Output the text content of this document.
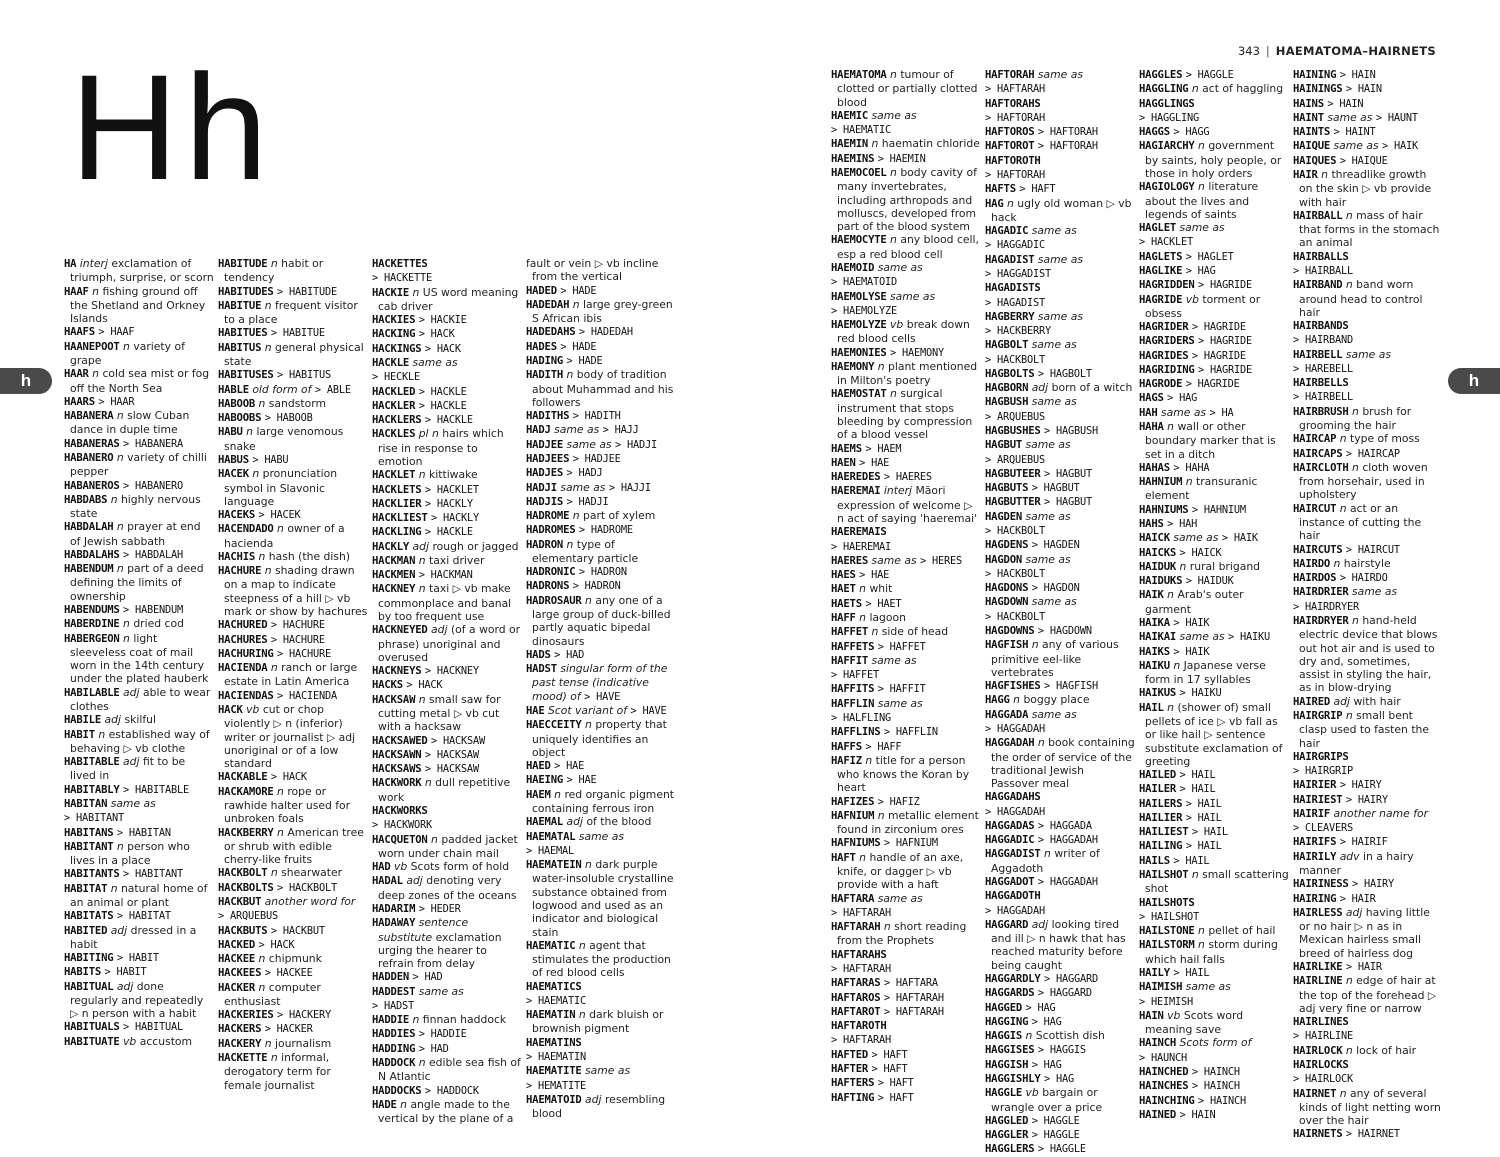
Hh	343 | HAEMATOMA–HAIRNETS
h	h
HA interj exclamation of triumph, surprise, or scorn
HAAF n fishing ground off the Shetland and Orkney Islands
HAAFS > HAAF
HAANEPOOT n variety of grape
HAAR n cold sea mist or fog off the North Sea
HAARS > HAAR
HABANERA n slow Cuban dance in duple time
HABANERAS > HABANERA
HABANERO n variety of chilli pepper
HABANEROS > HABANERO
HABDABS n highly nervous state
HABDALAH n prayer at end of Jewish sabbath
HABDALAHS > HABDALAH
HABENDUM n part of a deed defining the limits of ownership
HABENDUMS > HABENDUM
HABERDINE n dried cod
HABERGEON n light sleeveless coat of mail worn in the 14th century under the plated hauberk
HABILABLE adj able to wear clothes
HABILE adj skilful
HABIT n established way of behaving ▷ vb clothe
HABITABLE adj fit to be lived in
HABITABLY > HABITABLE
HABITAN same as
> HABITANT
HABITANS > HABITAN
HABITANT n person who lives in a place
HABITANTS > HABITANT
HABITAT n natural home of an animal or plant
HABITATS > HABITAT
HABITED adj dressed in a habit
HABITING > HABIT
HABITS > HABIT
HABITUAL adj done regularly and repeatedly ▷ n person with a habit
HABITUALS > HABITUAL
HABITUATE vb accustom
HABITUDE n habit or tendency
HABITUDES > HABITUDE
HABITUE n frequent visitor to a place
HABITUES > HABITUE
HABITUS n general physical state
HABITUSES > HABITUS
HABLE old form of > ABLE
HABOOB n sandstorm
HABOOBS > HABOOB
HABU n large venomous snake
HABUS > HABU
HACEK n pronunciation symbol in Slavonic language
HACEKS > HACEK
HACENDADO n owner of a hacienda
HACHIS n hash (the dish)
HACHURE n shading drawn on a map to indicate steepness of a hill ▷ vb mark or show by hachures
HACHURED > HACHURE
HACHURES > HACHURE
HACHURING > HACHURE
HACIENDA n ranch or large estate in Latin America
HACIENDAS > HACIENDA
HACK vb cut or chop violently ▷ n (inferior) writer or journalist ▷ adj unoriginal or of a low standard
HACKABLE > HACK
HACKAMORE n rope or rawhide halter used for unbroken foals
HACKBERRY n American tree or shrub with edible cherry-like fruits
HACKBOLT n shearwater
HACKBOLTS > HACKBOLT
HACKBUT another word for
> ARQUEBUS
HACKBUTS > HACKBUT
HACKED > HACK
HACKEE n chipmunk
HACKEES > HACKEE
HACKER n computer enthusiast
HACKERIES > HACKERY
HACKERS > HACKER
HACKERY n journalism
HACKETTE n informal, derogatory term for female journalist
HACKETTES
> HACKETTE
HACKIE n US word meaning cab driver
HACKIES > HACKIE
HACKING > HACK
HACKINGS > HACK
HACKLE same as
> HECKLE
HACKLED > HACKLE
HACKLER > HACKLE
HACKLERS > HACKLE
HACKLES pl n hairs which rise in response to emotion
HACKLET n kittiwake
HACKLETS > HACKLET
HACKLIER > HACKLY
HACKLIEST > HACKLY
HACKLING > HACKLE
HACKLY adj rough or jagged
HACKMAN n taxi driver
HACKMEN > HACKMAN
HACKNEY n taxi ▷ vb make commonplace and banal by too frequent use
HACKNEYED adj (of a word or phrase) unoriginal and overused
HACKNEYS > HACKNEY
HACKS > HACK
HACKSAW n small saw for cutting metal ▷ vb cut with a hacksaw
HACKSAWED > HACKSAW
HACKSAWN > HACKSAW
HACKSAWS > HACKSAW
HACKWORK n dull repetitive work
HACKWORKS
> HACKWORK
HACQUETON n padded jacket worn under chain mail
HAD vb Scots form of hold
HADAL adj denoting very deep zones of the oceans
HADARIM > HEDER
HADAWAY sentence substitute exclamation urging the hearer to refrain from delay
HADDEN > HAD
HADDEST same as
> HADST
HADDIE n finnan haddock
HADDIES > HADDIE
HADDING > HAD
HADDOCK n edible sea fish of N Atlantic
HADDOCKS > HADDOCK
HADE n angle made to the vertical by the plane of a
fault or vein ▷ vb incline from the vertical
HADED > HADE
HADEDAH n large grey-green S African ibis
HADEDAHS > HADEDAH
HADES > HADE
HADING > HADE
HADITH n body of tradition about Muhammad and his followers
HADITHS > HADITH
HADJ same as > HAJJ
HADJEE same as > HADJI
HADJEES > HADJEE
HADJES > HADJ
HADJI same as > HAJJI
HADJIS > HADJI
HADROME n part of xylem
HADROMES > HADROME
HADRON n type of elementary particle
HADRONIC > HADRON
HADRONS > HADRON
HADROSAUR n any one of a large group of duck-billed partly aquatic bipedal dinosaurs
HADS > HAD
HADST singular form of the past tense (indicative mood) of > HAVE
HAE Scot variant of > HAVE
HAECCEITY n property that uniquely identifies an object
HAED > HAE
HAEING > HAE
HAEM n red organic pigment containing ferrous iron
HAEMAL adj of the blood
HAEMATAL same as
> HAEMAL
HAEMATEIN n dark purple water-insoluble crystalline substance obtained from logwood and used as an indicator and biological stain
HAEMATIC n agent that stimulates the production of red blood cells
HAEMATICS
> HAEMATIC
HAEMATIN n dark bluish or brownish pigment
HAEMATINS
> HAEMATIN
HAEMATITE same as
> HEMATITE
HAEMATOID adj resembling blood
HAEMATOMA n tumour of clotted or partially clotted blood
HAEMIC same as
> HAEMATIC
HAEMIN n haematin chloride
HAEMINS > HAEMIN
HAEMOCOEL n body cavity of many invertebrates, including arthropods and molluscs, developed from part of the blood system
HAEMOCYTE n any blood cell, esp a red blood cell
HAEMOID same as
> HAEMATOID
HAEMOLYSE same as
> HAEMOLYZE
HAEMOLYZE vb break down red blood cells
HAEMONIES > HAEMONY
HAEMONY n plant mentioned in Milton's poetry
HAEMOSTAT n surgical instrument that stops bleeding by compression of a blood vessel
HAEMS > HAEM
HAEN > HAE
HAEREDES > HAERES
HAEREMAI interj Māori expression of welcome ▷ n act of saying 'haeremai'
HAEREMAIS
> HAEREMAI
HAERES same as > HERES
HAES > HAE
HAET n whit
HAETS > HAET
HAFF n lagoon
HAFFET n side of head
HAFFETS > HAFFET
HAFFIT same as
> HAFFET
HAFFITS > HAFFIT
HAFFLIN same as
> HALFLING
HAFFLINS > HAFFLIN
HAFFS > HAFF
HAFIZ n title for a person who knows the Koran by heart
HAFIZES > HAFIZ
HAFNIUM n metallic element found in zirconium ores
HAFNIUMS > HAFNIUM
HAFT n handle of an axe, knife, or dagger ▷ vb provide with a haft
HAFTARA same as
> HAFTARAH
HAFTARAH n short reading from the Prophets
HAFTARAHS
> HAFTARAH
HAFTARAS > HAFTARA
HAFTAROS > HAFTARAH
HAFTAROT > HAFTARAH
HAFTAROTH
> HAFTARAH
HAFTED > HAFT
HAFTER > HAFT
HAFTERS > HAFT
HAFTING > HAFT
HAFTORAH same as
> HAFTARAH
HAFTORAHS
> HAFTORAH
HAFTOROS > HAFTORAH
HAFTOROT > HAFTORAH
HAFTOROTH
> HAFTORAH
HAFTS > HAFT
HAG n ugly old woman ▷ vb hack
HAGADIC same as
> HAGGADIC
HAGADIST same as
> HAGGADIST
HAGADISTS
> HAGADIST
HAGBERRY same as
> HACKBERRY
HAGBOLT same as
> HACKBOLT
HAGBOLTS > HAGBOLT
HAGBORN adj born of a witch
HAGBUSH same as
> ARQUEBUS
HAGBUSHES > HAGBUSH
HAGBUT same as
> ARQUEBUS
HAGBUTEER > HAGBUT
HAGBUTS > HAGBUT
HAGBUTTER > HAGBUT
HAGDEN same as
> HACKBOLT
HAGDENS > HAGDEN
HAGDON same as
> HACKBOLT
HAGDONS > HAGDON
HAGDOWN same as
> HACKBOLT
HAGDOWNS > HAGDOWN
HAGFISH n any of various primitive eel-like vertebrates
HAGFISHES > HAGFISH
HAGG n boggy place
HAGGADA same as
> HAGGADAH
HAGGADAH n book containing the order of service of the traditional Jewish Passover meal
HAGGADAHS
> HAGGADAH
HAGGADAS > HAGGADA
HAGGADIC > HAGGADAH
HAGGADIST n writer of Aggadoth
HAGGADOT > HAGGADAH
HAGGADOTH
> HAGGADAH
HAGGARD adj looking tired and ill ▷ n hawk that has reached maturity before being caught
HAGGARDLY > HAGGARD
HAGGARDS > HAGGARD
HAGGED > HAG
HAGGING > HAG
HAGGIS n Scottish dish
HAGGISES > HAGGIS
HAGGISH > HAG
HAGGISHLY > HAG
HAGGLE vb bargain or wrangle over a price
HAGGLED > HAGGLE
HAGGLER > HAGGLE
HAGGLERS > HAGGLE
HAGGLES > HAGGLE
HAGGLING n act of haggling
HAGGLINGS
> HAGGLING
HAGGS > HAGG
HAGIARCHY n government by saints, holy people, or those in holy orders
HAGIOLOGY n literature about the lives and legends of saints
HAGLET same as
> HACKLET
HAGLETS > HAGLET
HAGLIKE > HAG
HAGRIDDEN > HAGRIDE
HAGRIDE vb torment or obsess
HAGRIDER > HAGRIDE
HAGRIDERS > HAGRIDE
HAGRIDES > HAGRIDE
HAGRIDING > HAGRIDE
HAGRODE > HAGRIDE
HAGS > HAG
HAH same as > HA
HAHA n wall or other boundary marker that is set in a ditch
HAHAS > HAHA
HAHNIUM n transuranic element
HAHNIUMS > HAHNIUM
HAHS > HAH
HAICK same as > HAIK
HAICKS > HAICK
HAIDUK n rural brigand
HAIDUKS > HAIDUK
HAIK n Arab's outer garment
HAIKA > HAIK
HAIKAI same as > HAIKU
HAIKS > HAIK
HAIKU n Japanese verse form in 17 syllables
HAIKUS > HAIKU
HAIL n (shower of) small pellets of ice ▷ vb fall as or like hail ▷ sentence substitute exclamation of greeting
HAILED > HAIL
HAILER > HAIL
HAILERS > HAIL
HAILIER > HAIL
HAILIEST > HAIL
HAILING > HAIL
HAILS > HAIL
HAILSHOT n small scattering shot
HAILSHOTS
> HAILSHOT
HAILSTONE n pellet of hail
HAILSTORM n storm during which hail falls
HAILY > HAIL
HAIMISH same as
> HEIMISH
HAIN vb Scots word meaning save
HAINCH Scots form of
> HAUNCH
HAINCHED > HAINCH
HAINCHES > HAINCH
HAINCHING > HAINCH
HAINED > HAIN
HAINING > HAIN
HAININGS > HAIN
HAINS > HAIN
HAINT same as > HAUNT
HAINTS > HAINT
HAIQUE same as > HAIK
HAIQUES > HAIQUE
HAIR n threadlike growth on the skin ▷ vb provide with hair
HAIRBALL n mass of hair that forms in the stomach an animal
HAIRBALLS
> HAIRBALL
HAIRBAND n band worn around head to control hair
HAIRBANDS
> HAIRBAND
HAIRBELL same as
> HAREBELL
HAIRBELLS
> HAIRBELL
HAIRBRUSH n brush for grooming the hair
HAIRCAP n type of moss
HAIRCAPS > HAIRCAP
HAIRCLOTH n cloth woven from horsehair, used in upholstery
HAIRCUT n act or an instance of cutting the hair
HAIRCUTS > HAIRCUT
HAIRDO n hairstyle
HAIRDOS > HAIRDO
HAIRDRIER same as
> HAIRDRYER
HAIRDRYER n hand-held electric device that blows out hot air and is used to dry and, sometimes, assist in styling the hair, as in blow-drying
HAIRED adj with hair
HAIRGRIP n small bent clasp used to fasten the hair
HAIRGRIPS
> HAIRGRIP
HAIRIER > HAIRY
HAIRIEST > HAIRY
HAIRIF another name for
> CLEAVERS
HAIRIFS > HAIRIF
HAIRILY adv in a hairy manner
HAIRINESS > HAIRY
HAIRING > HAIR
HAIRLESS adj having little or no hair ▷ n as in Mexican hairless small breed of hairless dog
HAIRLIKE > HAIR
HAIRLINE n edge of hair at the top of the forehead ▷ adj very fine or narrow
HAIRLINES
> HAIRLINE
HAIRLOCK n lock of hair
HAIRLOCKS
> HAIRLOCK
HAIRNET n any of several kinds of light netting worn over the hair
HAIRNETS > HAIRNET
